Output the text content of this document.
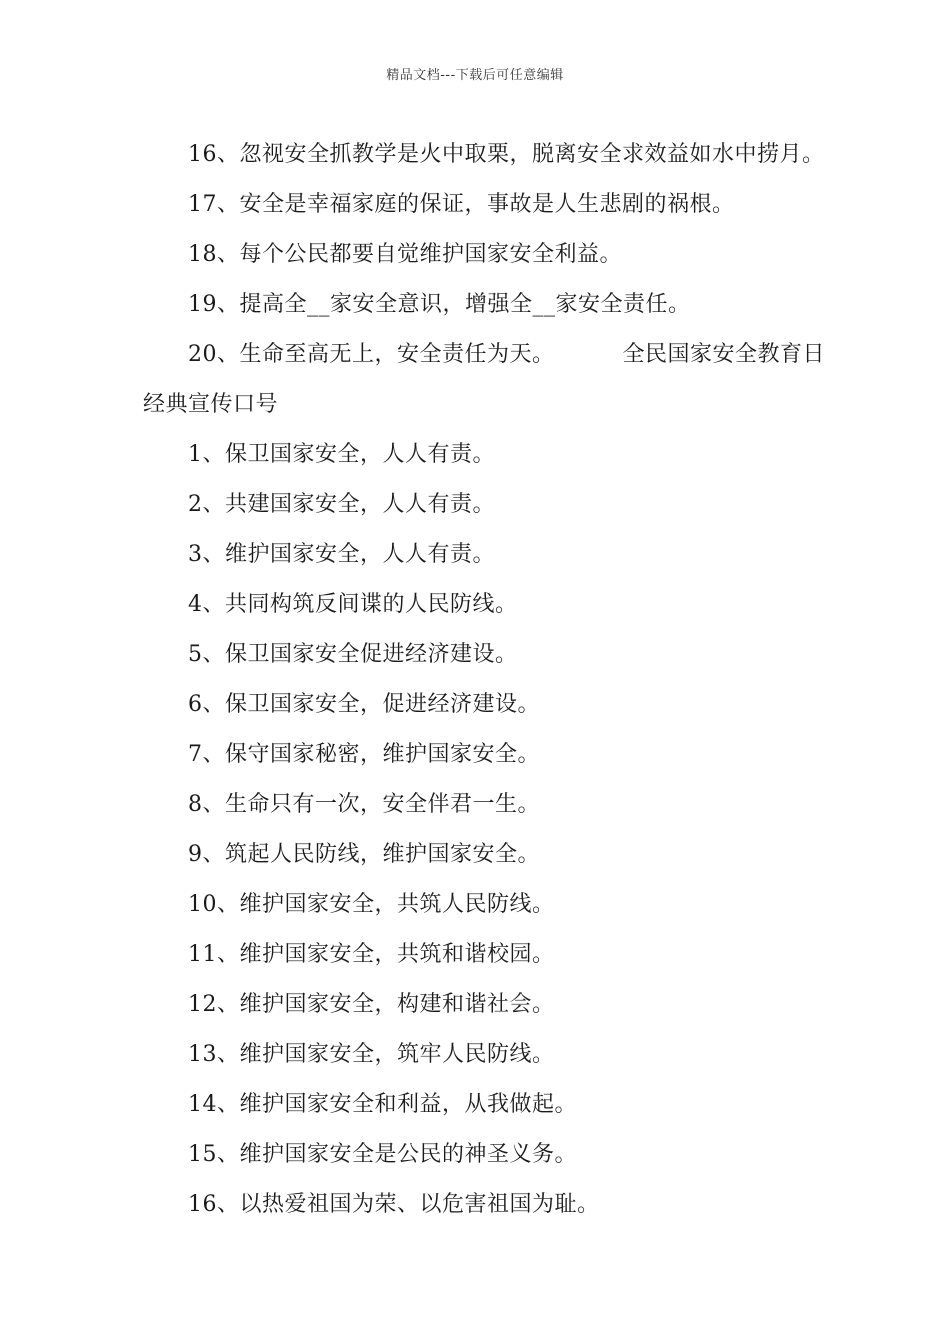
精品文档---下载后可任意编辑
16、忽视安全抓教学是火中取栗，脱离安全求效益如水中捞月。
17、安全是幸福家庭的保证，事故是人生悲剧的祸根。
18、每个公民都要自觉维护国家安全利益。
19、提高全__家安全意识，增强全__家安全责任。
20、生命至高无上，安全责任为天。	全民国家安全教育日
经典宣传口号
1、保卫国家安全，人人有责。
2、共建国家安全，人人有责。
3、维护国家安全，人人有责。
4、共同构筑反间谍的人民防线。
5、保卫国家安全促进经济建设。
6、保卫国家安全，促进经济建设。
7、保守国家秘密，维护国家安全。
8、生命只有一次，安全伴君一生。
9、筑起人民防线，维护国家安全。
10、维护国家安全，共筑人民防线。
11、维护国家安全，共筑和谐校园。
12、维护国家安全，构建和谐社会。
13、维护国家安全，筑牢人民防线。
14、维护国家安全和利益，从我做起。
15、维护国家安全是公民的神圣义务。
16、以热爱祖国为荣、以危害祖国为耻。
